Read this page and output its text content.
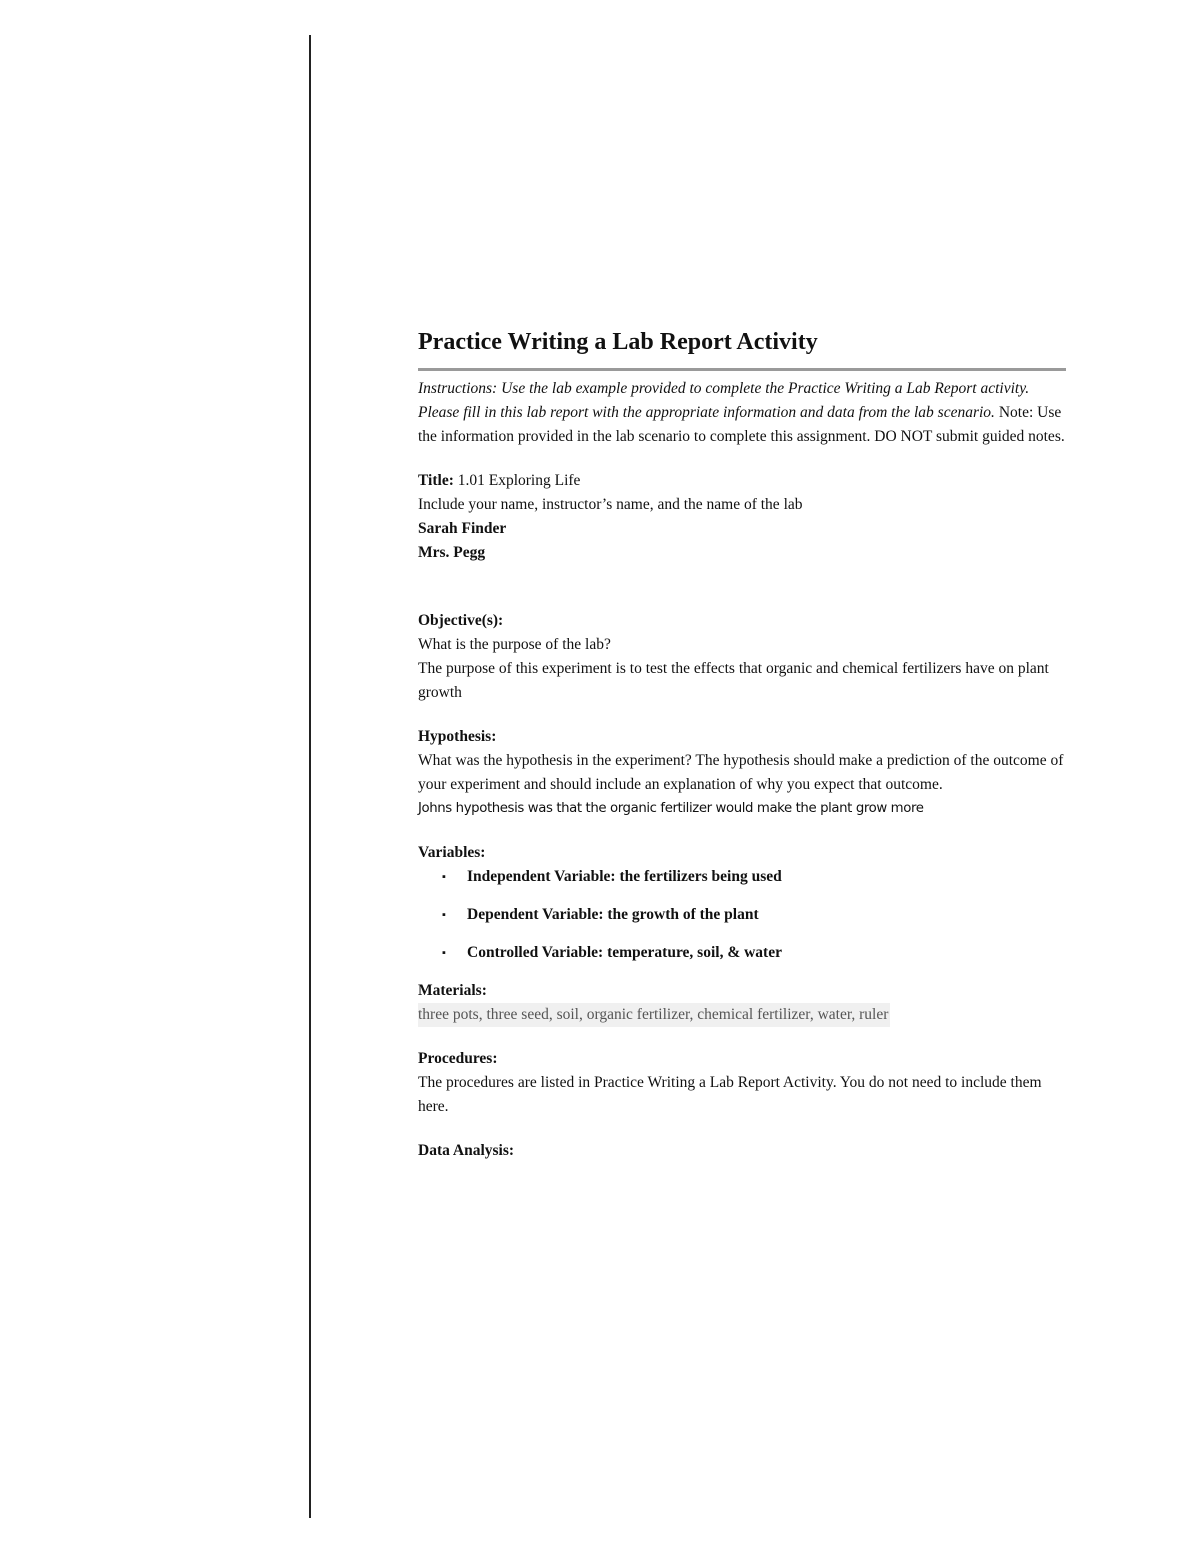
Practice Writing a Lab Report Activity

Instructions: Use the lab example provided to complete the Practice Writing a Lab Report activity. Please fill in this lab report with the appropriate information and data from the lab scenario. Note: Use the information provided in the lab scenario to complete this assignment. DO NOT submit guided notes.

Title: 1.01 Exploring Life

Include your name, instructor’s name, and the name of the lab

Sarah Finder

Mrs. Pegg

Objective(s):

What is the purpose of the lab?

The purpose of this experiment is to test the effects that organic and chemical fertilizers have on plant growth

Hypothesis:

What was the hypothesis in the experiment? The hypothesis should make a prediction of the outcome of your experiment and should include an explanation of why you expect that outcome.

Johns hypothesis was that the organic fertilizer would make the plant grow more

Variables:

▪ Independent Variable: the fertilizers being used
▪ Dependent Variable: the growth of the plant
▪ Controlled Variable: temperature, soil, & water

Materials:

three pots, three seed, soil, organic fertilizer, chemical fertilizer, water, ruler

Procedures:

The procedures are listed in Practice Writing a Lab Report Activity. You do not need to include them here.

Data Analysis:
